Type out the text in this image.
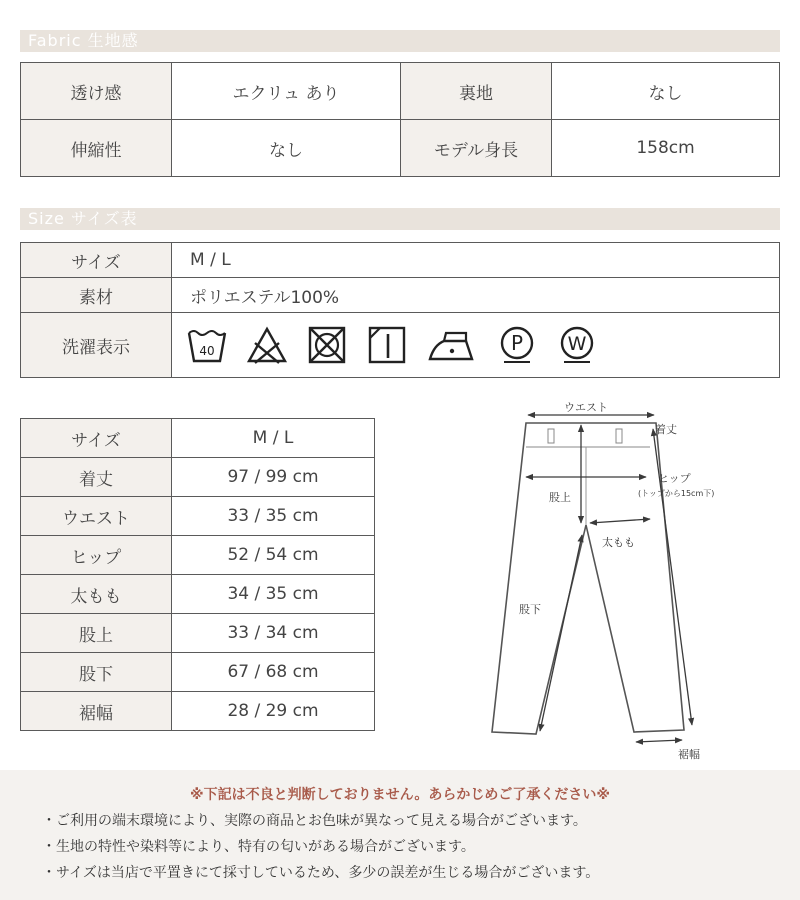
Fabric 生地感
透け感	エクリュ あり	裏地	なし
伸縮性	なし	モデル身長	158cm
Size サイズ表
サイズ	M / L
素材	ポリエステル100%
洗濯表示	40 P W
サイズ	M / L
着丈	97 / 99 cm
ウエスト	33 / 35 cm
ヒップ	52 / 54 cm
太もも	34 / 35 cm
股上	33 / 34 cm
股下	67 / 68 cm
裾幅	28 / 29 cm
ウエスト
着丈
ヒップ
(トップから15cm下)
股上
太もも
股下
裾幅
※下記は不良と判断しておりません。あらかじめご了承ください※
・ご利用の端末環境により、実際の商品とお色味が異なって見える場合がございます。
・生地の特性や染料等により、特有の匂いがある場合がございます。
・サイズは当店で平置きにて採寸しているため、多少の誤差が生じる場合がございます。
